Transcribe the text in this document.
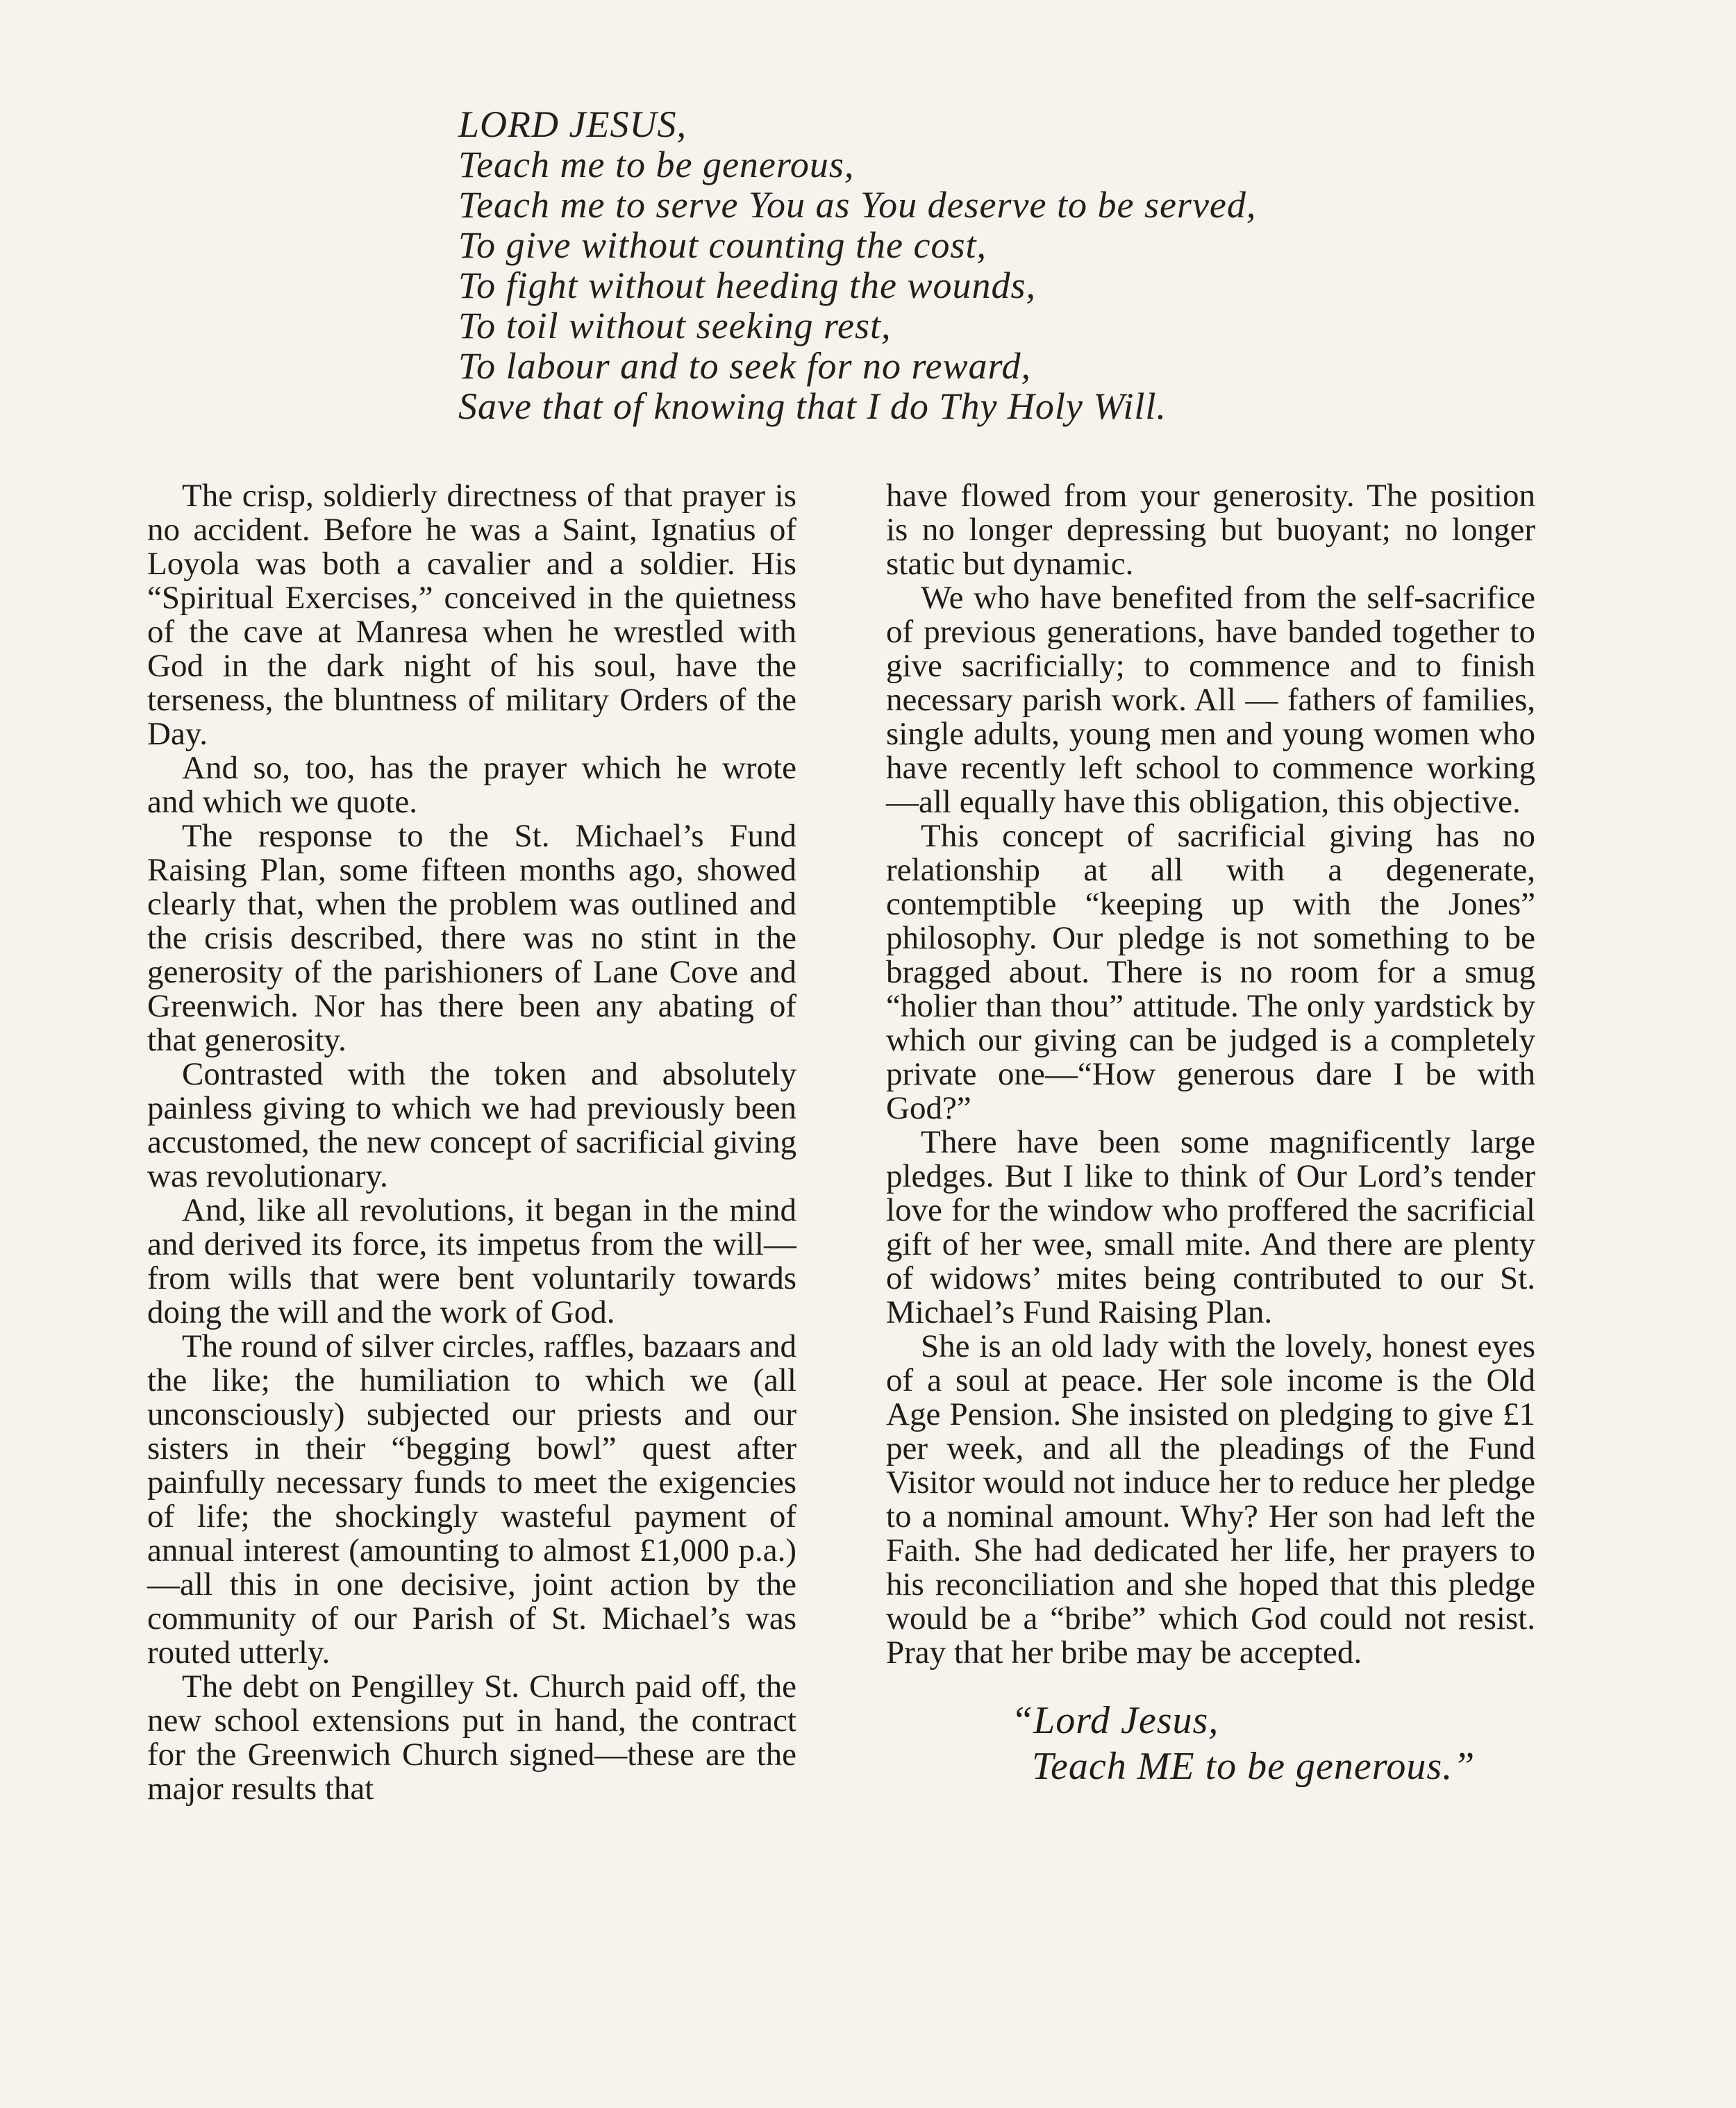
LORD JESUS,
Teach me to be generous,
Teach me to serve You as You deserve to be served,
To give without counting the cost,
To fight without heeding the wounds,
To toil without seeking rest,
To labour and to seek for no reward,
Save that of knowing that I do Thy Holy Will.

The crisp, soldierly directness of that prayer is no accident. Before he was a Saint, Ignatius of Loyola was both a cavalier and a soldier. His “Spiritual Exercises,” conceived in the quietness of the cave at Manresa when he wrestled with God in the dark night of his soul, have the terseness, the bluntness of military Orders of the Day.

And so, too, has the prayer which he wrote and which we quote.

The response to the St. Michael’s Fund Raising Plan, some fifteen months ago, showed clearly that, when the problem was outlined and the crisis described, there was no stint in the generosity of the parishioners of Lane Cove and Greenwich. Nor has there been any abating of that generosity.

Contrasted with the token and absolutely painless giving to which we had previously been accustomed, the new concept of sacrificial giving was revolutionary.

And, like all revolutions, it began in the mind and derived its force, its impetus from the will—from wills that were bent voluntarily towards doing the will and the work of God.

The round of silver circles, raffles, bazaars and the like; the humiliation to which we (all unconsciously) subjected our priests and our sisters in their “begging bowl” quest after painfully necessary funds to meet the exigencies of life; the shockingly wasteful payment of annual interest (amounting to almost £1,000 p.a.)—all this in one decisive, joint action by the community of our Parish of St. Michael’s was routed utterly.

The debt on Pengilley St. Church paid off, the new school extensions put in hand, the contract for the Greenwich Church signed—these are the major results that

have flowed from your generosity. The position is no longer depressing but buoyant; no longer static but dynamic.

We who have benefited from the self-sacrifice of previous generations, have banded together to give sacrificially; to commence and to finish necessary parish work. All — fathers of families, single adults, young men and young women who have recently left school to commence working—all equally have this obligation, this objective.

This concept of sacrificial giving has no relationship at all with a degenerate, contemptible “keeping up with the Jones” philosophy. Our pledge is not something to be bragged about. There is no room for a smug “holier than thou” attitude. The only yardstick by which our giving can be judged is a completely private one—“How generous dare I be with God?”

There have been some magnificently large pledges. But I like to think of Our Lord’s tender love for the window who proffered the sacrificial gift of her wee, small mite. And there are plenty of widows’ mites being contributed to our St. Michael’s Fund Raising Plan.

She is an old lady with the lovely, honest eyes of a soul at peace. Her sole income is the Old Age Pension. She insisted on pledging to give £1 per week, and all the pleadings of the Fund Visitor would not induce her to reduce her pledge to a nominal amount. Why? Her son had left the Faith. She had dedicated her life, her prayers to his reconciliation and she hoped that this pledge would be a “bribe” which God could not resist. Pray that her bribe may be accepted.

“Lord Jesus,
Teach ME to be generous.”
